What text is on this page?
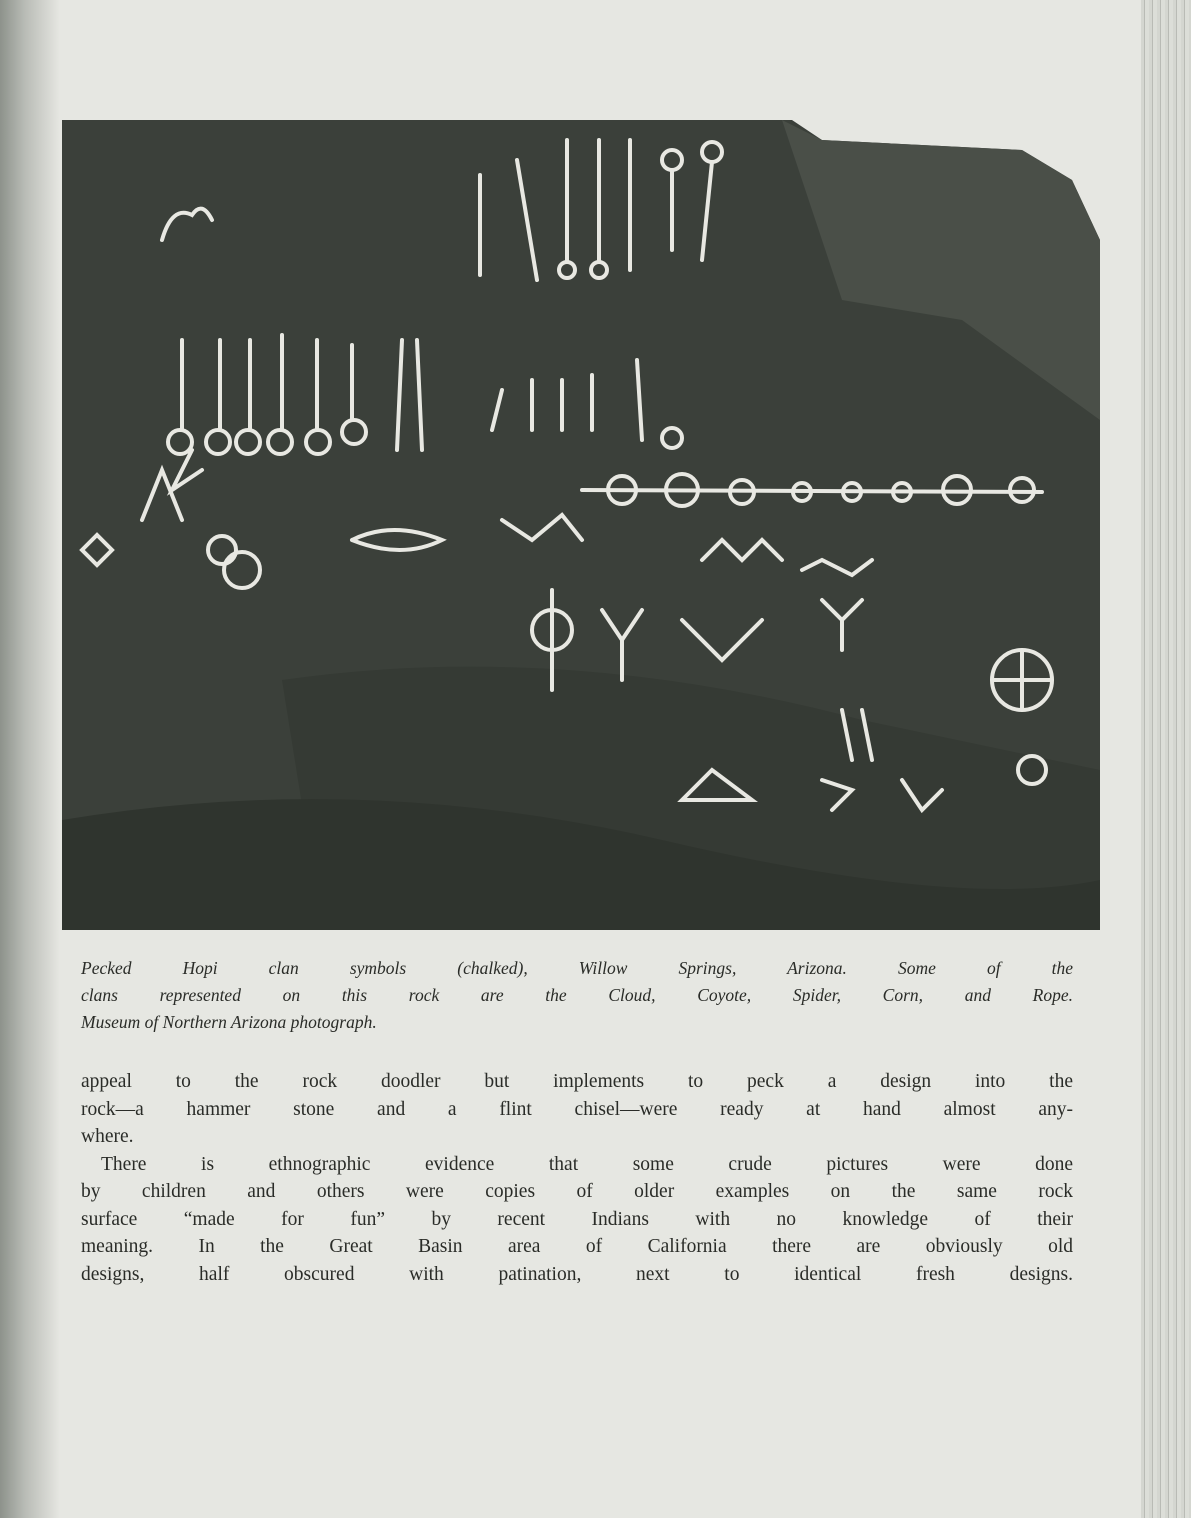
Pecked Hopi clan symbols (chalked), Willow Springs, Arizona. Some of the
clans represented on this rock are the Cloud, Coyote, Spider, Corn, and Rope.
Museum of Northern Arizona photograph.
appeal to the rock doodler but implements to peck a design into the
rock—a hammer stone and a flint chisel—were ready at hand almost any-
where.
There is ethnographic evidence that some crude pictures were done
by children and others were copies of older examples on the same rock
surface “made for fun” by recent Indians with no knowledge of their
meaning. In the Great Basin area of California there are obviously old
designs, half obscured with patination, next to identical fresh designs.
